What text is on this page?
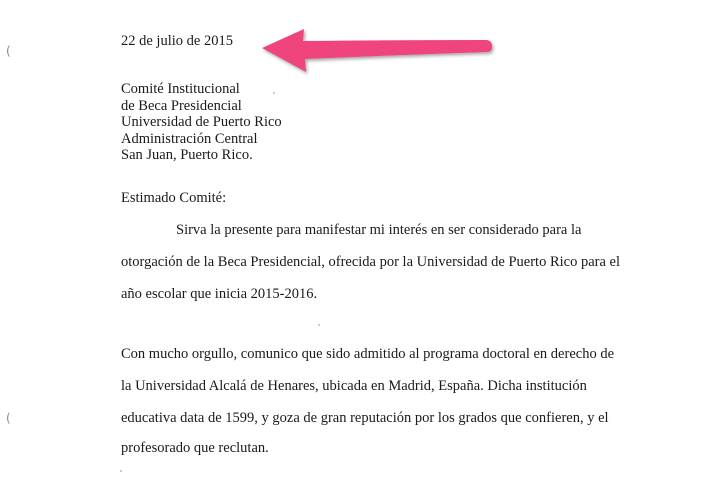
(
(
22 de julio de 2015
Comité Institucional
de Beca Presidencial
Universidad de Puerto Rico
Administración Central
San Juan, Puerto Rico.
Estimado Comité:
Sirva la presente para manifestar mi interés en ser considerado para la
otorgación de la Beca Presidencial, ofrecida por la Universidad de Puerto Rico para el
año escolar que inicia 2015-2016.
Con mucho orgullo, comunico que sido admitido al programa doctoral en derecho de
la Universidad Alcalá de Henares, ubicada en Madrid, España. Dicha institución
educativa data de 1599, y goza de gran reputación por los grados que confieren, y el
profesorado que reclutan.
